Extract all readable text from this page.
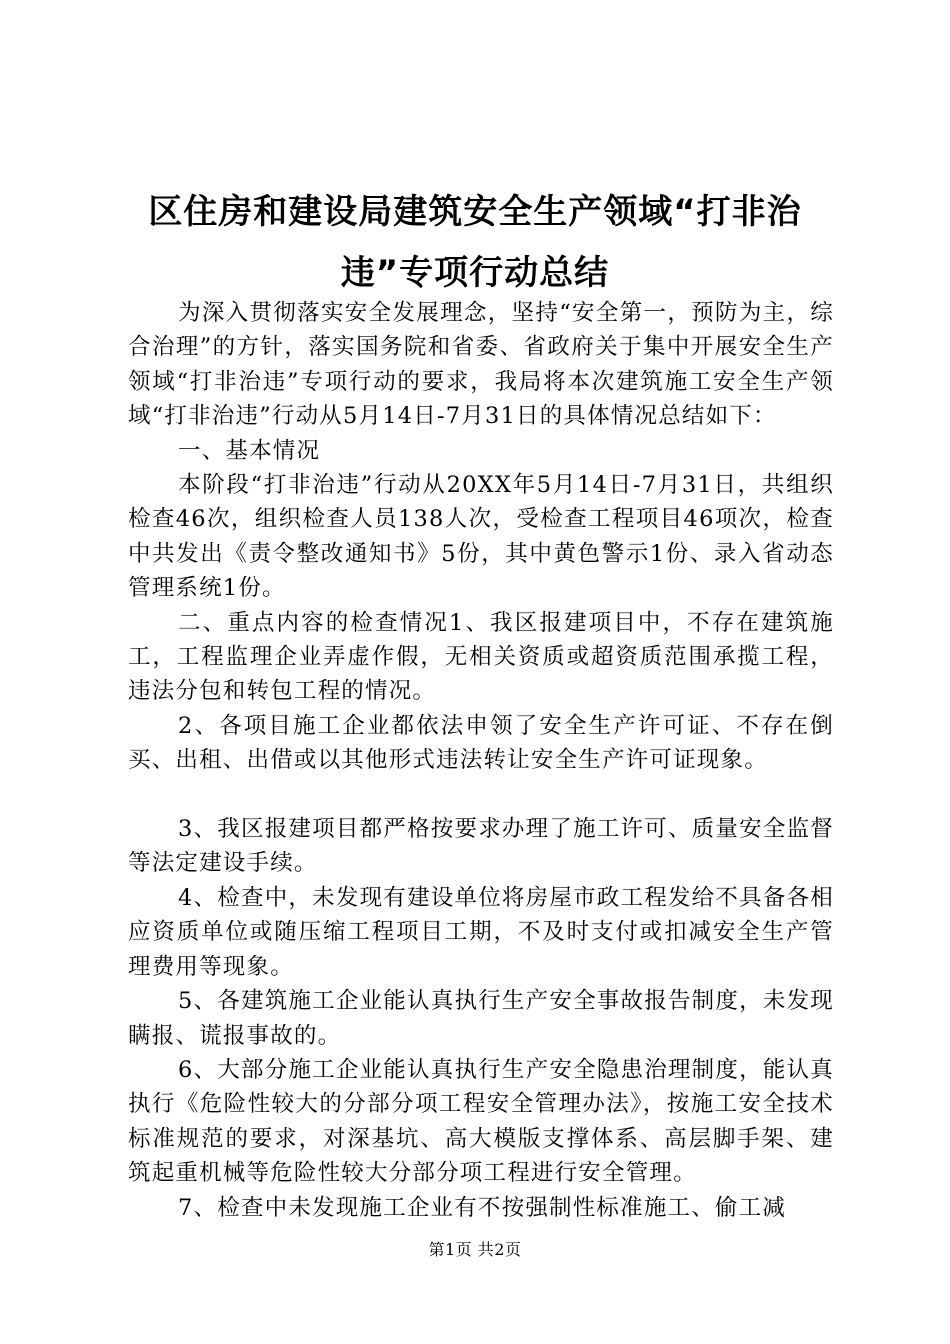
区住房和建设局建筑安全生产领域“打非治违”专项行动总结

为深入贯彻落实安全发展理念，坚持“安全第一，预防为主，综合治理”的方针，落实国务院和省委、省政府关于集中开展安全生产领域“打非治违”专项行动的要求，我局将本次建筑施工安全生产领域“打非治违”行动从5月14日-7月31日的具体情况总结如下：

一、基本情况

本阶段“打非治违”行动从20XX年5月14日-7月31日，共组织检查46次，组织检查人员138人次，受检查工程项目46项次，检查中共发出《责令整改通知书》5份，其中黄色警示1份、录入省动态管理系统1份。

二、重点内容的检查情况1、我区报建项目中，不存在建筑施工，工程监理企业弄虚作假，无相关资质或超资质范围承揽工程，违法分包和转包工程的情况。

2、各项目施工企业都依法申领了安全生产许可证、不存在倒买、出租、出借或以其他形式违法转让安全生产许可证现象。

3、我区报建项目都严格按要求办理了施工许可、质量安全监督等法定建设手续。

4、检查中，未发现有建设单位将房屋市政工程发给不具备各相应资质单位或随压缩工程项目工期，不及时支付或扣减安全生产管理费用等现象。

5、各建筑施工企业能认真执行生产安全事故报告制度，未发现瞒报、谎报事故的。

6、大部分施工企业能认真执行生产安全隐患治理制度，能认真执行《危险性较大的分部分项工程安全管理办法》，按施工安全技术标准规范的要求，对深基坑、高大模版支撑体系、高层脚手架、建筑起重机械等危险性较大分部分项工程进行安全管理。

7、检查中未发现施工企业有不按强制性标准施工、偷工减

第1页 共2页
